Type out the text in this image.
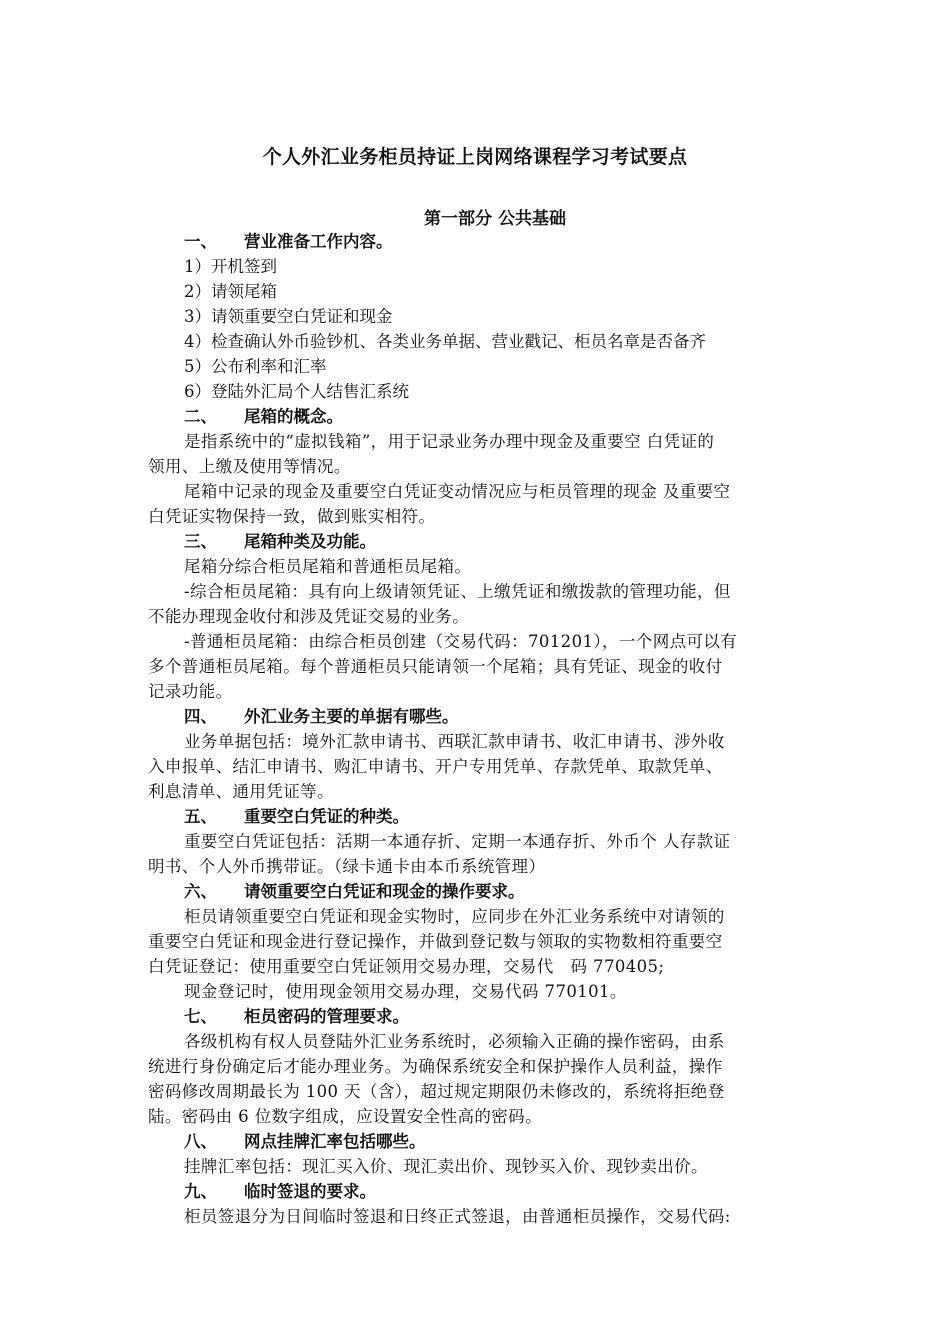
个人外汇业务柜员持证上岗网络课程学习考试要点
第一部分 公共基础
一、 营业准备工作内容。
1）开机签到
2）请领尾箱
3）请领重要空白凭证和现金
4）检查确认外币验钞机、各类业务单据、营业戳记、柜员名章是否备齐
5）公布利率和汇率
6）登陆外汇局个人结售汇系统
二、 尾箱的概念。
是指系统中的“虚拟钱箱”，用于记录业务办理中现金及重要空 白凭证的
领用、上缴及使用等情况。
尾箱中记录的现金及重要空白凭证变动情况应与柜员管理的现金 及重要空
白凭证实物保持一致，做到账实相符。
三、 尾箱种类及功能。
尾箱分综合柜员尾箱和普通柜员尾箱。
-综合柜员尾箱：具有向上级请领凭证、上缴凭证和缴拨款的管理功能，但
不能办理现金收付和涉及凭证交易的业务。
-普通柜员尾箱：由综合柜员创建（交易代码：701201），一个网点可以有
多个普通柜员尾箱。每个普通柜员只能请领一个尾箱；具有凭证、现金的收付
记录功能。
四、 外汇业务主要的单据有哪些。
业务单据包括：境外汇款申请书、西联汇款申请书、收汇申请书、涉外收
入申报单、结汇申请书、购汇申请书、开户专用凭单、存款凭单、取款凭单、
利息清单、通用凭证等。
五、 重要空白凭证的种类。
重要空白凭证包括：活期一本通存折、定期一本通存折、外币个 人存款证
明书、个人外币携带证。（绿卡通卡由本币系统管理）
六、 请领重要空白凭证和现金的操作要求。
柜员请领重要空白凭证和现金实物时，应同步在外汇业务系统中对请领的
重要空白凭证和现金进行登记操作，并做到登记数与领取的实物数相符重要空
白凭证登记：使用重要空白凭证领用交易办理，交易代　码 770405;
现金登记时，使用现金领用交易办理，交易代码 770101。
七、 柜员密码的管理要求。
各级机构有权人员登陆外汇业务系统时，必须输入正确的操作密码，由系
统进行身份确定后才能办理业务。为确保系统安全和保护操作人员利益，操作
密码修改周期最长为 100 天（含），超过规定期限仍未修改的，系统将拒绝登
陆。密码由 6 位数字组成，应设置安全性高的密码。
八、 网点挂牌汇率包括哪些。
挂牌汇率包括：现汇买入价、现汇卖出价、现钞买入价、现钞卖出价。
九、 临时签退的要求。
柜员签退分为日间临时签退和日终正式签退，由普通柜员操作，交易代码:
